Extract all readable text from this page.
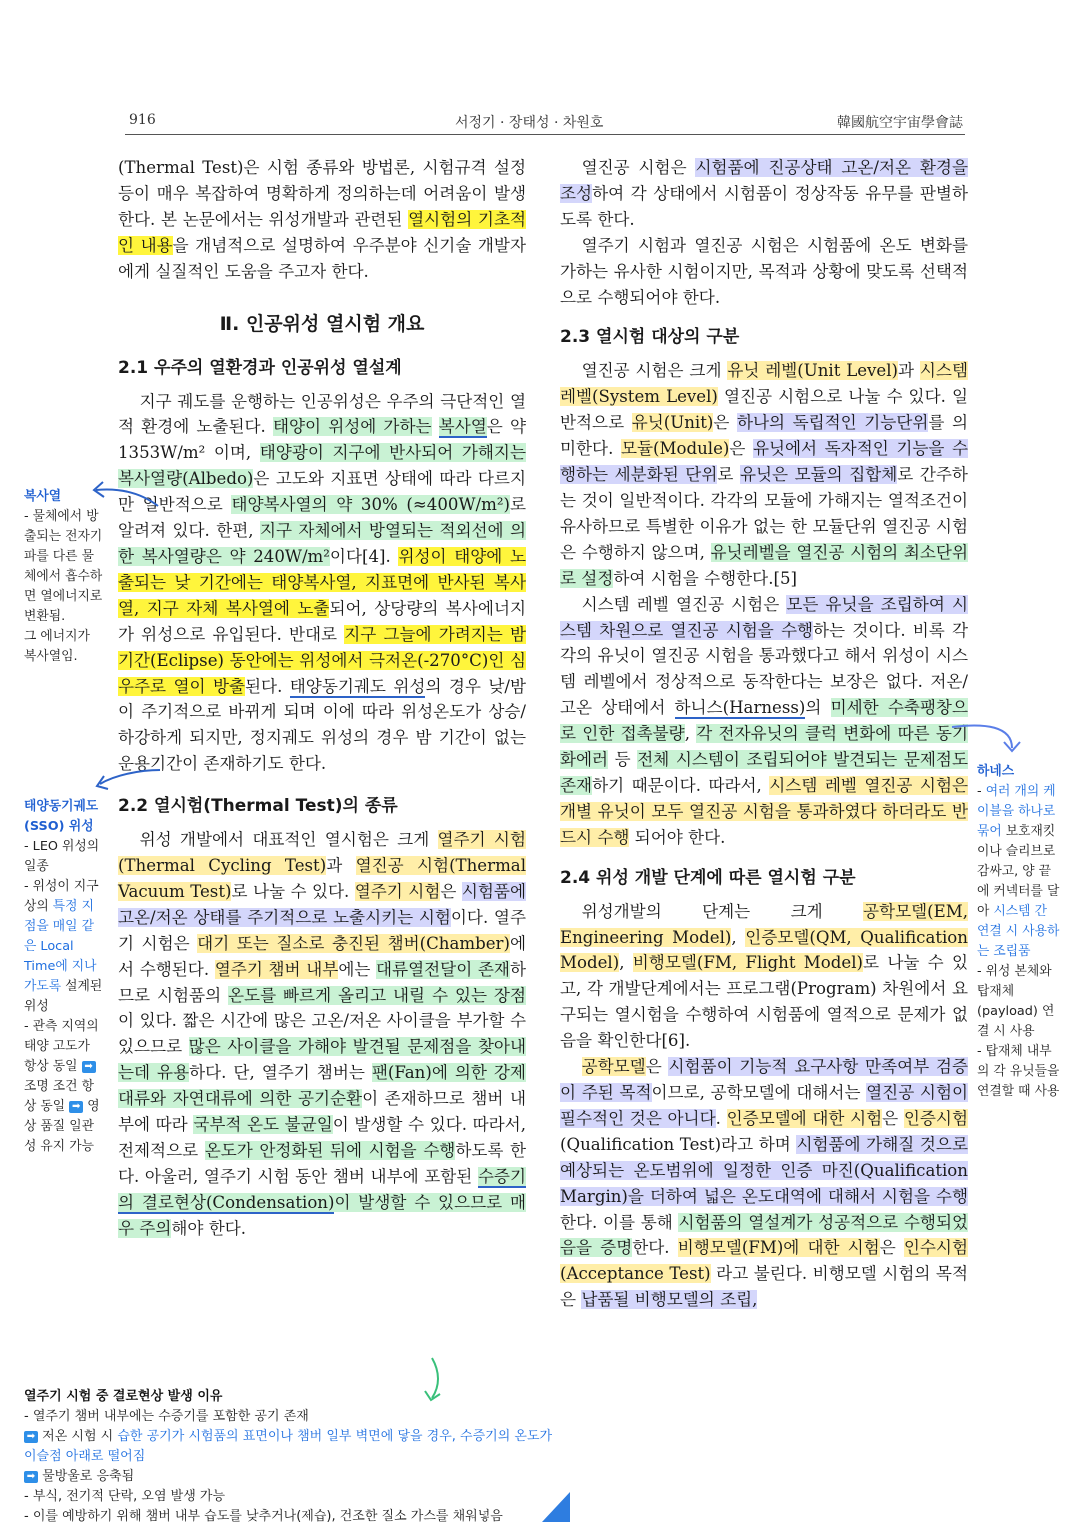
916	서정기 · 장태성 · 차원호	韓國航空宇宙學會誌

(Thermal Test)은 시험 종류와 방법론, 시험규격 설정 등이 매우 복잡하여 명확하게 정의하는데 어려움이 발생한다. 본 논문에서는 위성개발과 관련된 열시험의 기초적인 내용을 개념적으로 설명하여 우주분야 신기술 개발자에게 실질적인 도움을 주고자 한다.

Ⅱ. 인공위성 열시험 개요
2.1 우주의 열환경과 인공위성 열설계

지구 궤도를 운행하는 인공위성은 우주의 극단적인 열적 환경에 노출된다. 태양이 위성에 가하는 복사열은 약 1353W/m² 이며, 태양광이 지구에 반사되어 가해지는 복사열량(Albedo)은 고도와 지표면 상태에 따라 다르지만 일반적으로 태양복사열의 약 30% (≈400W/m²)로 알려져 있다. 한편, 지구 자체에서 방열되는 적외선에 의한 복사열량은 약 240W/m²이다[4]. 위성이 태양에 노출되는 낮 기간에는 태양복사열, 지표면에 반사된 복사열, 지구 자체 복사열에 노출되어, 상당량의 복사에너지가 위성으로 유입된다. 반대로 지구 그늘에 가려지는 밤 기간(Eclipse) 동안에는 위성에서 극저온(-270°C)인 심우주로 열이 방출된다. 태양동기궤도 위성의 경우 낮/밤이 주기적으로 바뀌게 되며 이에 따라 위성온도가 상승/하강하게 되지만, 정지궤도 위성의 경우 밤 기간이 없는 운용기간이 존재하기도 한다.

2.2 열시험(Thermal Test)의 종류

위성 개발에서 대표적인 열시험은 크게 열주기 시험(Thermal Cycling Test)과 열진공 시험(Thermal Vacuum Test)로 나눌 수 있다. 열주기 시험은 시험품에 고온/저온 상태를 주기적으로 노출시키는 시험이다. 열주기 시험은 대기 또는 질소로 충진된 챔버(Chamber)에서 수행된다. 열주기 챔버 내부에는 대류열전달이 존재하므로 시험품의 온도를 빠르게 올리고 내릴 수 있는 장점이 있다. 짧은 시간에 많은 고온/저온 사이클을 부가할 수 있으므로 많은 사이클을 가해야 발견될 문제점을 찾아내는데 유용하다. 단, 열주기 챔버는 팬(Fan)에 의한 강제대류와 자연대류에 의한 공기순환이 존재하므로 챔버 내부에 따라 국부적 온도 불균일이 발생할 수 있다. 따라서, 전제적으로 온도가 안정화된 뒤에 시험을 수행하도록 한다. 아울러, 열주기 시험 동안 챔버 내부에 포함된 수증기의 결로현상(Condensation)이 발생할 수 있으므로 매우 주의해야 한다.

열진공 시험은 시험품에 진공상태 고온/저온 환경을 조성하여 각 상태에서 시험품이 정상작동 유무를 판별하도록 한다.

열주기 시험과 열진공 시험은 시험품에 온도 변화를 가하는 유사한 시험이지만, 목적과 상황에 맞도록 선택적으로 수행되어야 한다.

2.3 열시험 대상의 구분

열진공 시험은 크게 유닛 레벨(Unit Level)과 시스템 레벨(System Level) 열진공 시험으로 나눌 수 있다. 일반적으로 유닛(Unit)은 하나의 독립적인 기능단위를 의미한다. 모듈(Module)은 유닛에서 독자적인 기능을 수행하는 세분화된 단위로 유닛은 모듈의 집합체로 간주하는 것이 일반적이다. 각각의 모듈에 가해지는 열적조건이 유사하므로 특별한 이유가 없는 한 모듈단위 열진공 시험은 수행하지 않으며, 유닛레벨을 열진공 시험의 최소단위로 설정하여 시험을 수행한다.[5]

시스템 레벨 열진공 시험은 모든 유닛을 조립하여 시스템 차원으로 열진공 시험을 수행하는 것이다. 비록 각각의 유닛이 열진공 시험을 통과했다고 해서 위성이 시스템 레벨에서 정상적으로 동작한다는 보장은 없다. 저온/고온 상태에서 하니스(Harness)의 미세한 수축팽창으로 인한 접촉불량, 각 전자유닛의 클럭 변화에 따른 동기화에러 등 전체 시스템이 조립되어야 발견되는 문제점도 존재하기 때문이다. 따라서, 시스템 레벨 열진공 시험은 개별 유닛이 모두 열진공 시험을 통과하였다 하더라도 반드시 수행 되어야 한다.

2.4 위성 개발 단계에 따른 열시험 구분

위성개발의 단계는 크게 공학모델(EM, Engineering Model), 인증모델(QM, Qualification Model), 비행모델(FM, Flight Model)로 나눌 수 있고, 각 개발단계에서는 프로그램(Program) 차원에서 요구되는 열시험을 수행하여 시험품에 열적으로 문제가 없음을 확인한다[6].

공학모델은 시험품이 기능적 요구사항 만족여부 검증이 주된 목적이므로, 공학모델에 대해서는 열진공 시험이 필수적인 것은 아니다. 인증모델에 대한 시험은 인증시험(Qualification Test)라고 하며 시험품에 가해질 것으로 예상되는 온도범위에 일정한 인증 마진(Qualification Margin)을 더하여 넓은 온도대역에 대해서 시험을 수행한다. 이를 통해 시험품의 열설계가 성공적으로 수행되었음을 증명한다. 비행모델(FM)에 대한 시험은 인수시험(Acceptance Test) 라고 불린다. 비행모델 시험의 목적은 납품될 비행모델의 조립,

복사열

- 물체에서 방출되는 전자기파를 다른 물체에서 흡수하면 열에너지로 변환됨.

그 에너지가 복사열임.

태양동기궤도(SSO) 위성

- LEO 위성의 일종

- 위성이 지구상의 특정 지점을 매일 같은 Local Time에 지나가도록 설계된 위성

- 관측 지역의 태양 고도가 항상 동일 ➡ 조명 조건 항상 동일 ➡ 영상 품질 일관성 유지 가능

하네스

- 여러 개의 케이블을 하나로 묶어 보호재킷이나 슬리브로 감싸고, 양 끝에 커넥터를 달아 시스템 간 연결 시 사용하는 조립품

- 위성 본체와 탑재체(payload) 연결 시 사용

- 탑재체 내부의 각 유닛들을 연결할 때 사용

열주기 시험 중 결로현상 발생 이유

- 열주기 챔버 내부에는 수증기를 포함한 공기 존재

➡ 저온 시험 시 습한 공기가 시험품의 표면이나 챔버 일부 벽면에 닿을 경우, 수증기의 온도가 이슬점 아래로 떨어짐

➡ 물방울로 응축됨

- 부식, 전기적 단락, 오염 발생 가능

- 이를 예방하기 위해 챔버 내부 습도를 낮추거나(제습), 건조한 질소 가스를 채워넣음
